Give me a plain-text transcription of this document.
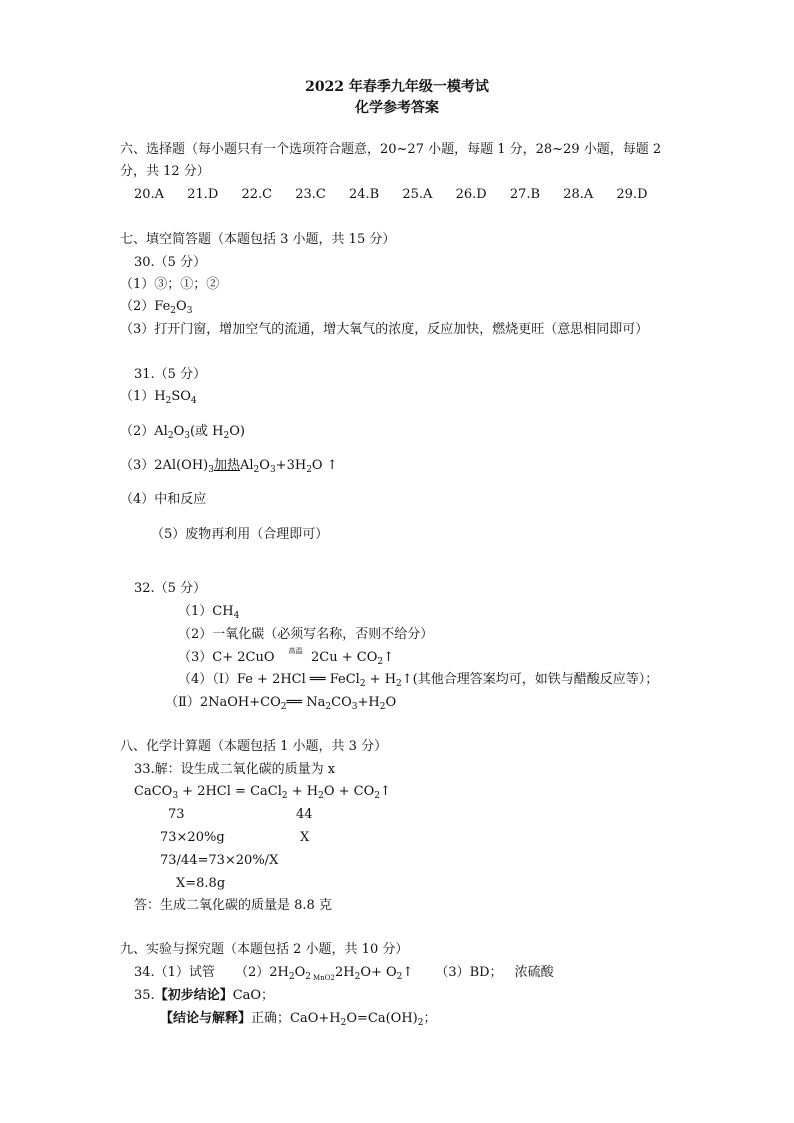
2022 年春季九年级一模考试
化学参考答案
六、选择题（每小题只有一个选项符合题意，20~27 小题，每题 1 分，28~29 小题，每题 2
分，共 12 分）
20.A 21.D 22.C 23.C 24.B 25.A 26.D 27.B 28.A 29.D
七、填空简答题（本题包括 3 小题，共 15 分）
30.（5 分）
（1）③；①；②
$(2)Fe_2O_3$
（3）打开门窗，增加空气的流通，增大氧气的浓度，反应加快，燃烧更旺（意思相同即可）
31.（5 分）
$(1)H_2SO_4$
$(2)Al_2O_3$(或 $H_2O$)
$(3)2Al(OH)_3$加热$Al_2O_3+3H_2O$ ↑
（4）中和反应
（5）废物再利用（合理即可）
32.（5 分）
$(1)CH_4$
（2）一氧化碳（必须写名称，否则不给分）
（3）C+ 2CuO 高温 $2Cu + CO_2↑$
（4）（Ⅰ）Fe + 2HCl ══ FeCl$_2$ + $H_2↑$(其他合理答案均可，如铁与醋酸反应等）；
$(Ⅱ)2NaOH+CO_2══$ $Na_2CO_3+H_2O$
八、化学计算题（本题包括 1 小题，共 3 分）
33.解：设生成二氧化碳的质量为 x
CaCO$_3$ + 2HCl = CaCl$_2$ + $H_2O$ + $CO_2↑$
73	44
73×20%g	X
73/44=73×20%/X
X=8.8g
答：生成二氧化碳的质量是 8.8 克
九、实验与探究题（本题包括 2 小题，共 10 分）
34.（1）试管 $(2)2H_2O_2$ MnO2 $2H_2O+$ $O_2↑$ （3）BD； 浓硫酸
35.【初步结论】CaO；
【结论与解释】正确；$CaO+H_2O=Ca(OH)_2$；
